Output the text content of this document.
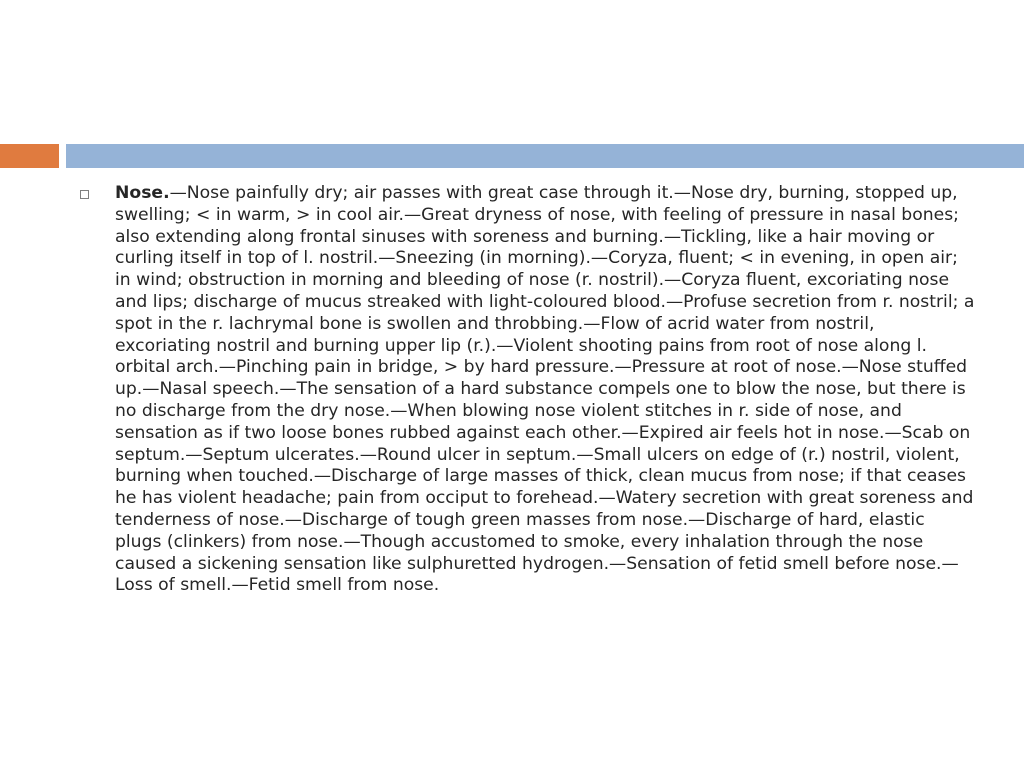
Nose.—Nose painfully dry; air passes with great case through it.—Nose dry, burning, stopped up, swelling; < in warm, > in cool air.—Great dryness of nose, with feeling of pressure in nasal bones; also extending along frontal sinuses with soreness and burning.—Tickling, like a hair moving or curling itself in top of l. nostril.—Sneezing (in morning).—Coryza, fluent; < in evening, in open air; in wind; obstruction in morning and bleeding of nose (r. nostril).—Coryza fluent, excoriating nose and lips; discharge of mucus streaked with light-coloured blood.—Profuse secretion from r. nostril; a spot in the r. lachrymal bone is swollen and throbbing.—Flow of acrid water from nostril, excoriating nostril and burning upper lip (r.).—Violent shooting pains from root of nose along l. orbital arch.—Pinching pain in bridge, > by hard pressure.—Pressure at root of nose.—Nose stuffed up.—Nasal speech.—The sensation of a hard substance compels one to blow the nose, but there is no discharge from the dry nose.—When blowing nose violent stitches in r. side of nose, and sensation as if two loose bones rubbed against each other.—Expired air feels hot in nose.—Scab on septum.—Septum ulcerates.—Round ulcer in septum.—Small ulcers on edge of (r.) nostril, violent, burning when touched.—Discharge of large masses of thick, clean mucus from nose; if that ceases he has violent headache; pain from occiput to forehead.—Watery secretion with great soreness and tenderness of nose.—Discharge of tough green masses from nose.—Discharge of hard, elastic plugs (clinkers) from nose.—Though accustomed to smoke, every inhalation through the nose caused a sickening sensation like sulphuretted hydrogen.—Sensation of fetid smell before nose.—Loss of smell.—Fetid smell from nose.
